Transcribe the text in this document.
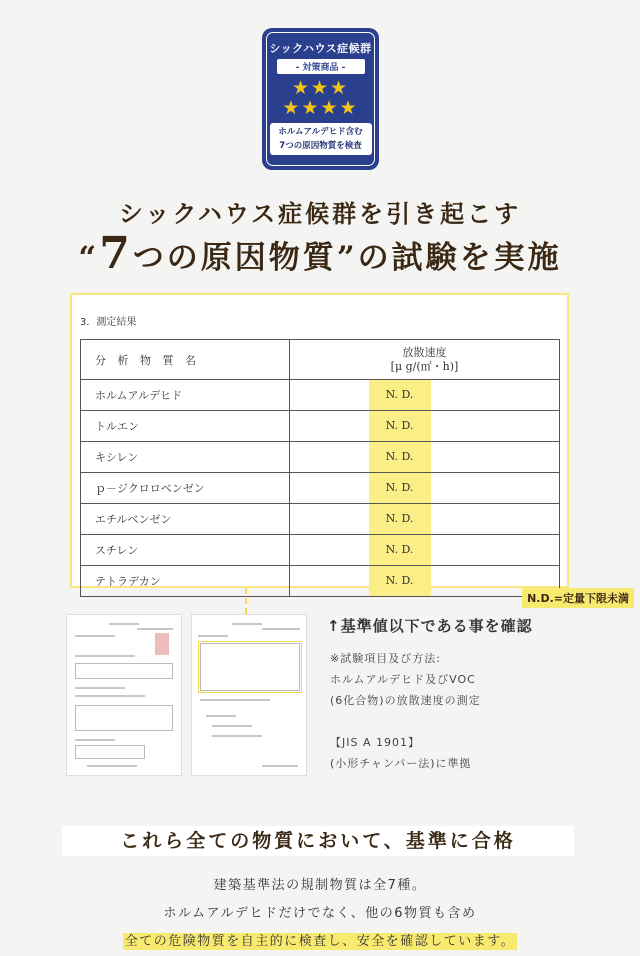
シックハウス症候群
- 対策商品 -
★★★
★★★★
ホルムアルデヒド含む
7つの原因物質を検査
シックハウス症候群を引き起こす
“7つの原因物質”の試験を実施
3．測定結果
分 析 物 質 名	放散速度
[μ g/(㎡・h)]

ホルムアルデヒド	N. D.
トルエン	N. D.
キシレン	N. D.
ｐ－ジクロロベンゼン	N. D.
エチルベンゼン	N. D.
スチレン	N. D.
テトラデカン	N. D.
N.D.=定量下限未満
↑基準値以下である事を確認

※試験項目及び方法:

ホルムアルデヒド及びVOC

(6化合物)の放散速度の測定

【JIS A 1901】

(小形チャンバー法)に準拠

これら全ての物質において、基準に合格
建築基準法の規制物質は全7種。
ホルムアルデヒドだけでなく、他の6物質も含め
全ての危険物質を自主的に検査し、安全を確認しています。
